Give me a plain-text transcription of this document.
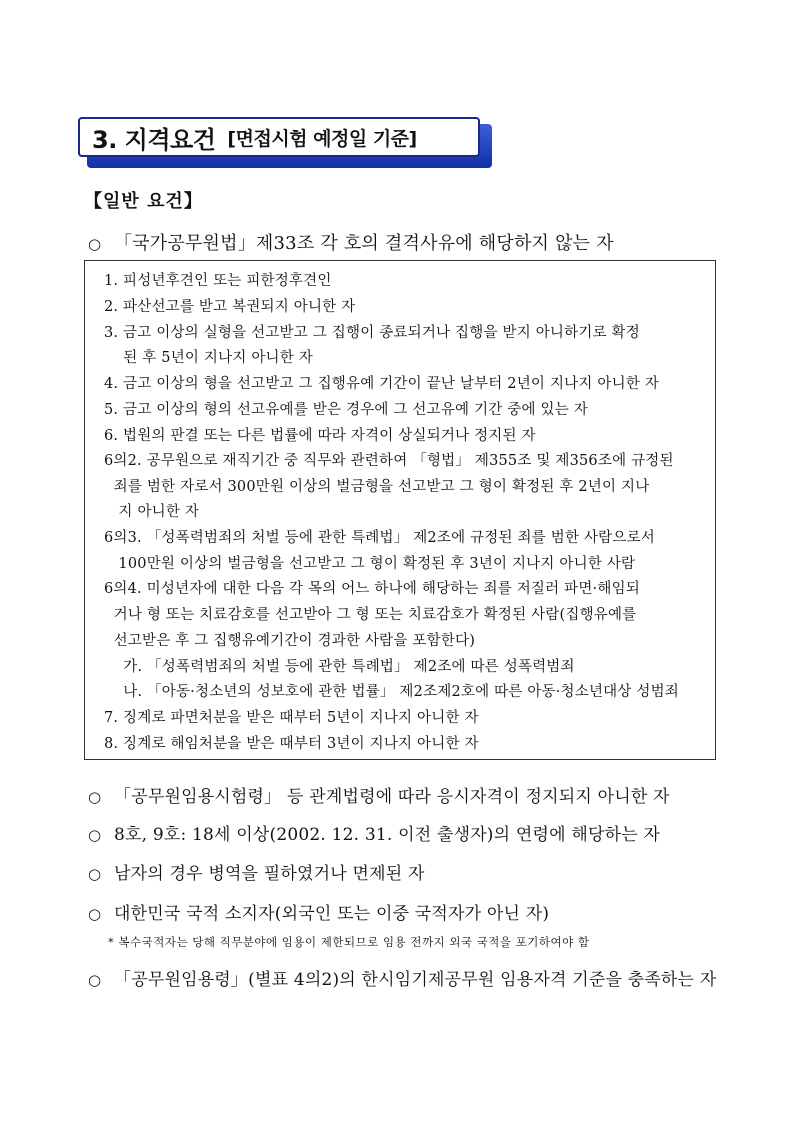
3. 지격요건 [면접시험 예정일 기준]
【일반 요건】
○ 「국가공무원법」제33조 각 호의 결격사유에 해당하지 않는 자
1. 피성년후견인 또는 피한정후견인
2. 파산선고를 받고 복권되지 아니한 자
3. 금고 이상의 실형을 선고받고 그 집행이 종료되거나 집행을 받지 아니하기로 확정
된 후 5년이 지나지 아니한 자
4. 금고 이상의 형을 선고받고 그 집행유예 기간이 끝난 날부터 2년이 지나지 아니한 자
5. 금고 이상의 형의 선고유예를 받은 경우에 그 선고유예 기간 중에 있는 자
6. 법원의 판결 또는 다른 법률에 따라 자격이 상실되거나 정지된 자
6의2. 공무원으로 재직기간 중 직무와 관련하여 「형법」 제355조 및 제356조에 규정된
죄를 범한 자로서 300만원 이상의 벌금형을 선고받고 그 형이 확정된 후 2년이 지나
지 아니한 자
6의3. 「성폭력범죄의 처벌 등에 관한 특례법」 제2조에 규정된 죄를 범한 사람으로서
100만원 이상의 벌금형을 선고받고 그 형이 확정된 후 3년이 지나지 아니한 사람
6의4. 미성년자에 대한 다음 각 목의 어느 하나에 해당하는 죄를 저질러 파면·해임되
거나 형 또는 치료감호를 선고받아 그 형 또는 치료감호가 확정된 사람(집행유예를
선고받은 후 그 집행유예기간이 경과한 사람을 포함한다)
가. 「성폭력범죄의 처벌 등에 관한 특례법」 제2조에 따른 성폭력범죄
나. 「아동·청소년의 성보호에 관한 법률」 제2조제2호에 따른 아동·청소년대상 성범죄
7. 징계로 파면처분을 받은 때부터 5년이 지나지 아니한 자
8. 징계로 해임처분을 받은 때부터 3년이 지나지 아니한 자
○ 「공무원임용시험령」 등 관계법령에 따라 응시자격이 정지되지 아니한 자
○ 8호, 9호: 18세 이상(2002. 12. 31. 이전 출생자)의 연령에 해당하는 자
○ 남자의 경우 병역을 필하였거나 면제된 자
○ 대한민국 국적 소지자(외국인 또는 이중 국적자가 아닌 자)
* 복수국적자는 당해 직무분야에 임용이 제한되므로 임용 전까지 외국 국적을 포기하여야 함
○ 「공무원임용령」(별표 4의2)의 한시임기제공무원 임용자격 기준을 충족하는 자
